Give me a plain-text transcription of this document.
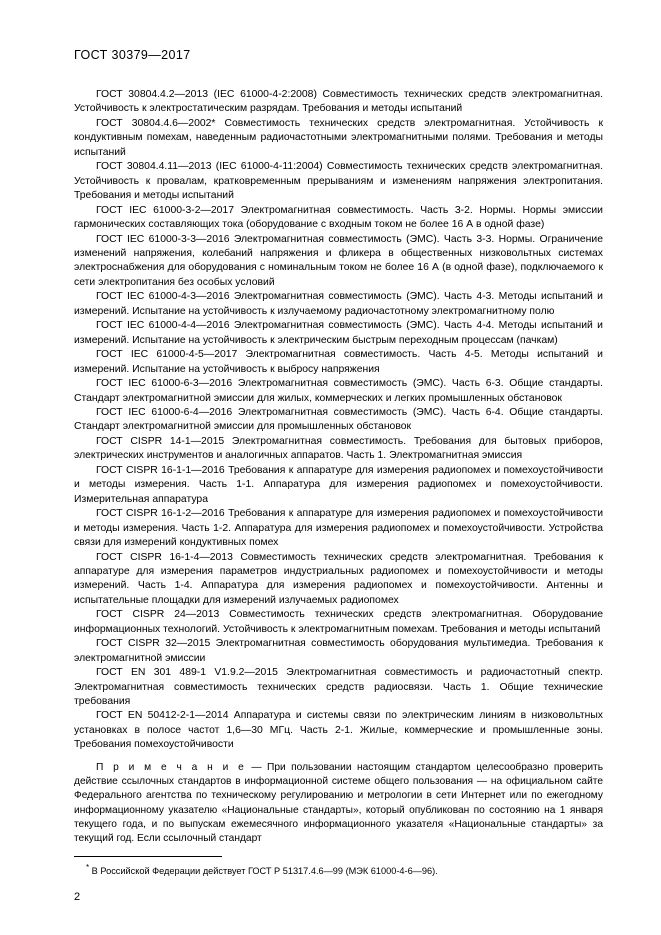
ГОСТ 30379—2017

ГОСТ 30804.4.2—2013 (IEC 61000-4-2:2008) Совместимость технических средств электромагнитная. Устойчивость к электростатическим разрядам. Требования и методы испытаний

ГОСТ 30804.4.6—2002* Совместимость технических средств электромагнитная. Устойчивость к кондуктивным помехам, наведенным радиочастотными электромагнитными полями. Требования и методы испытаний

ГОСТ 30804.4.11—2013 (IEC 61000-4-11:2004) Совместимость технических средств электромагнитная. Устойчивость к провалам, кратковременным прерываниям и изменениям напряжения электропитания. Требования и методы испытаний

ГОСТ IEC 61000-3-2—2017 Электромагнитная совместимость. Часть 3-2. Нормы. Нормы эмиссии гармонических составляющих тока (оборудование с входным током не более 16 А в одной фазе)

ГОСТ IEC 61000-3-3—2016 Электромагнитная совместимость (ЭМС). Часть 3-3. Нормы. Ограничение изменений напряжения, колебаний напряжения и фликера в общественных низковольтных системах электроснабжения для оборудования с номинальным током не более 16 А (в одной фазе), подключаемого к сети электропитания без особых условий

ГОСТ IEC 61000-4-3—2016 Электромагнитная совместимость (ЭМС). Часть 4-3. Методы испытаний и измерений. Испытание на устойчивость к излучаемому радиочастотному электромагнитному полю

ГОСТ IEC 61000-4-4—2016 Электромагнитная совместимость (ЭМС). Часть 4-4. Методы испытаний и измерений. Испытание на устойчивость к электрическим быстрым переходным процессам (пачкам)

ГОСТ IEC 61000-4-5—2017 Электромагнитная совместимость. Часть 4-5. Методы испытаний и измерений. Испытание на устойчивость к выбросу напряжения

ГОСТ IEC 61000-6-3—2016 Электромагнитная совместимость (ЭМС). Часть 6-3. Общие стандарты. Стандарт электромагнитной эмиссии для жилых, коммерческих и легких промышленных обстановок

ГОСТ IEC 61000-6-4—2016 Электромагнитная совместимость (ЭМС). Часть 6-4. Общие стандарты. Стандарт электромагнитной эмиссии для промышленных обстановок

ГОСТ CISPR 14-1—2015 Электромагнитная совместимость. Требования для бытовых приборов, электрических инструментов и аналогичных аппаратов. Часть 1. Электромагнитная эмиссия

ГОСТ CISPR 16-1-1—2016 Требования к аппаратуре для измерения радиопомех и помехоустойчивости и методы измерения. Часть 1-1. Аппаратура для измерения радиопомех и помехоустойчивости. Измерительная аппаратура

ГОСТ CISPR 16-1-2—2016 Требования к аппаратуре для измерения радиопомех и помехоустойчивости и методы измерения. Часть 1-2. Аппаратура для измерения радиопомех и помехоустойчивости. Устройства связи для измерений кондуктивных помех

ГОСТ CISPR 16-1-4—2013 Совместимость технических средств электромагнитная. Требования к аппаратуре для измерения параметров индустриальных радиопомех и помехоустойчивости и методы измерений. Часть 1-4. Аппаратура для измерения радиопомех и помехоустойчивости. Антенны и испытательные площадки для измерений излучаемых радиопомех

ГОСТ CISPR 24—2013 Совместимость технических средств электромагнитная. Оборудование информационных технологий. Устойчивость к электромагнитным помехам. Требования и методы испытаний

ГОСТ CISPR 32—2015 Электромагнитная совместимость оборудования мультимедиа. Требования к электромагнитной эмиссии

ГОСТ EN 301 489-1 V1.9.2—2015 Электромагнитная совместимость и радиочастотный спектр. Электромагнитная совместимость технических средств радиосвязи. Часть 1. Общие технические требования

ГОСТ EN 50412-2-1—2014 Аппаратура и системы связи по электрическим линиям в низковольтных установках в полосе частот 1,6—30 МГц. Часть 2-1. Жилые, коммерческие и промышленные зоны. Требования помехоустойчивости

П р и м е ч а н и е — При пользовании настоящим стандартом целесообразно проверить действие ссылочных стандартов в информационной системе общего пользования — на официальном сайте Федерального агентства по техническому регулированию и метрологии в сети Интернет или по ежегодному информационному указателю «Национальные стандарты», который опубликован по состоянию на 1 января текущего года, и по выпускам ежемесячного информационного указателя «Национальные стандарты» за текущий год. Если ссылочный стандарт

* В Российской Федерации действует ГОСТ Р 51317.4.6—99 (МЭК 61000-4-6—96).
2
